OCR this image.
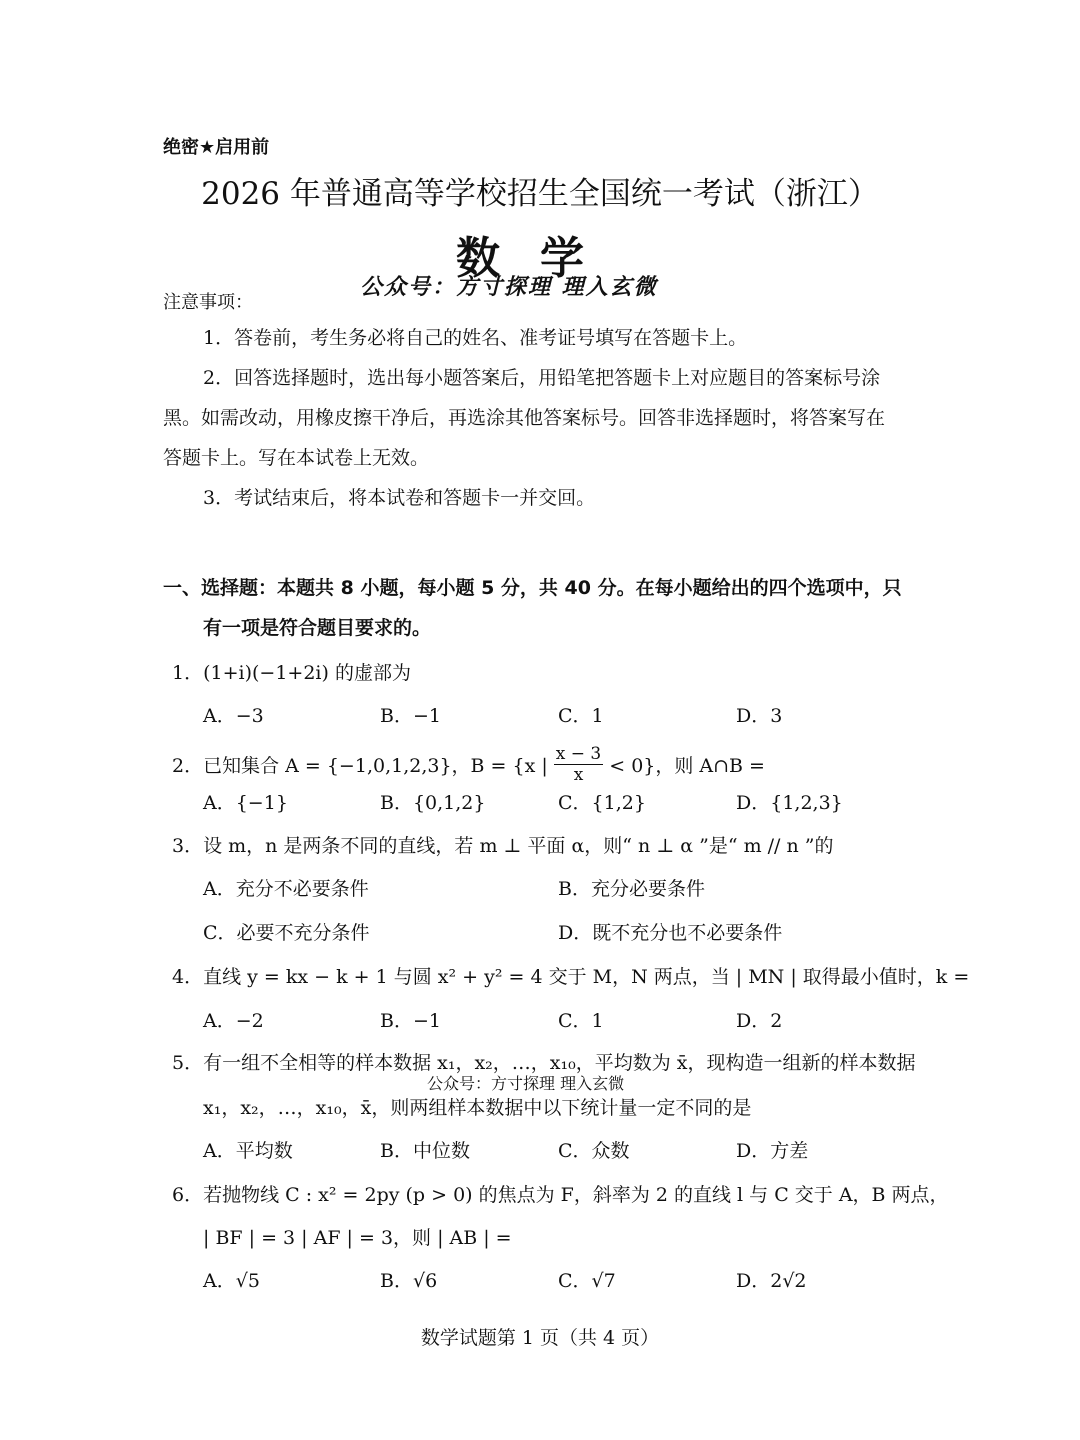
绝密★启用前
2026 年普通高等学校招生全国统一考试（浙江）
数学
公众号：方寸探理 理入玄微
注意事项：
1．答卷前，考生务必将自己的姓名、准考证号填写在答题卡上。
2．回答选择题时，选出每小题答案后，用铅笔把答题卡上对应题目的答案标号涂
黑。如需改动，用橡皮擦干净后，再选涂其他答案标号。回答非选择题时，将答案写在
答题卡上。写在本试卷上无效。
3．考试结束后，将本试卷和答题卡一并交回。
一、选择题：本题共 8 小题，每小题 5 分，共 40 分。在每小题给出的四个选项中，只
有一项是符合题目要求的。
1．(1+i)(−1+2i) 的虚部为
A．−3	B．−1	C．1	D．3
2．已知集合 A = {−1,0,1,2,3}，B = {x | $\frac{x - 3}{x} < 0$}，则 A∩B =
A．{−1}	B．{0,1,2}	C．{1,2}	D．{1,2,3}
3．设 m，n 是两条不同的直线，若 m ⊥ 平面 α，则“ n ⊥ α ”是“ m // n ”的
A．充分不必要条件	B．充分必要条件
C．必要不充分条件	D．既不充分也不必要条件
4．直线 y = kx − k + 1 与圆 x² + y² = 4 交于 M，N 两点，当 | MN | 取得最小值时，k =
A．−2	B．−1	C．1	D．2
5．有一组不全相等的样本数据 x₁，x₂，…，x₁₀，平均数为 x̄，现构造一组新的样本数据
公众号：方寸探理 理入玄微
x₁，x₂，…，x₁₀，x̄，则两组样本数据中以下统计量一定不同的是
A．平均数	B．中位数	C．众数	D．方差
6．若抛物线 C : x² = 2py (p > 0) 的焦点为 F，斜率为 2 的直线 l 与 C 交于 A，B 两点，
| BF | = 3 | AF | = 3，则 | AB | =
A．√5	B．√6	C．√7	D．2√2
数学试题第 1 页（共 4 页）
